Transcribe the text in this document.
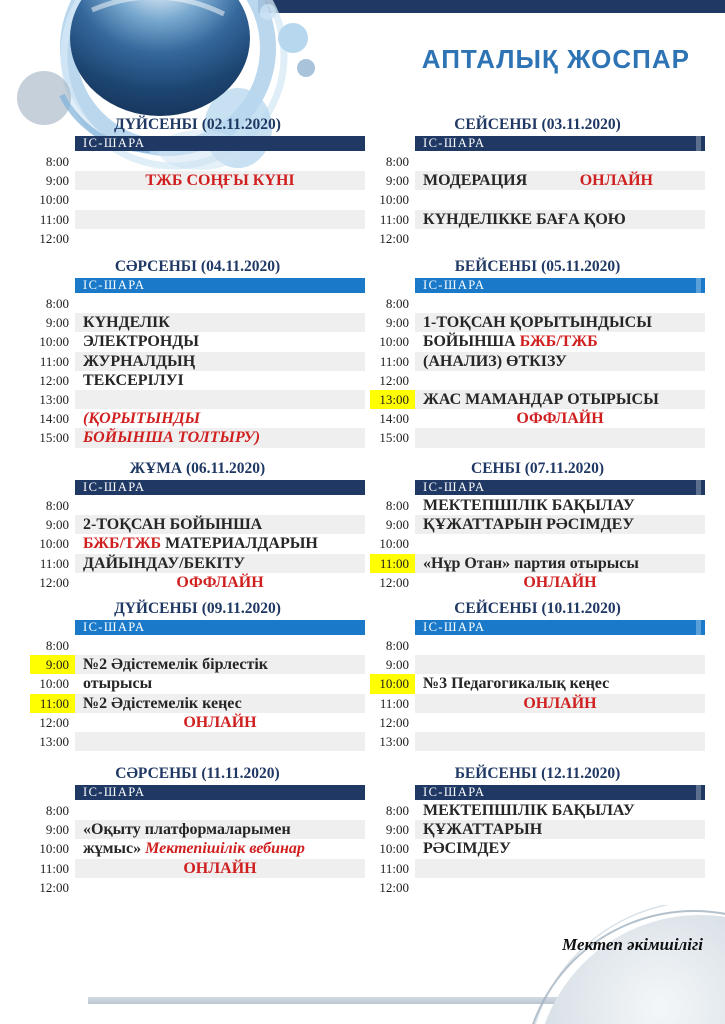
АПТАЛЫҚ ЖОСПАР
ДҮЙСЕНБІ (02.11.2020)
ІС-ШАРА
8:00
9:00	ТЖБ СОҢҒЫ КҮНІ
10:00
11:00
12:00
СЕЙСЕНБІ (03.11.2020)
ІС-ШАРА
8:00
9:00 МОДЕРАЦИЯ	ОНЛАЙН
10:00
11:00 КҮНДЕЛІККЕ БАҒА ҚОЮ
12:00
СӘРСЕНБІ (04.11.2020)
ІС-ШАРА
8:00
9:00 КҮНДЕЛІК
10:00 ЭЛЕКТРОНДЫ
11:00 ЖУРНАЛДЫҢ
12:00 ТЕКСЕРІЛУІ
13:00
14:00 (ҚОРЫТЫНДЫ
15:00 БОЙЫНША ТОЛТЫРУ)
БЕЙСЕНБІ (05.11.2020)
ІС-ШАРА
8:00
9:00 1-ТОҚСАН ҚОРЫТЫНДЫСЫ
10:00 БОЙЫНША БЖБ/ТЖБ
11:00 (АНАЛИЗ) ӨТКІЗУ
12:00
13:00 ЖАС МАМАНДАР ОТЫРЫСЫ
14:00	ОФФЛАЙН
15:00
ЖҰМА (06.11.2020)
ІС-ШАРА
8:00
9:00 2-ТОҚСАН БОЙЫНША
10:00 БЖБ/ТЖБ МАТЕРИАЛДАРЫН
11:00 ДАЙЫНДАУ/БЕКІТУ
12:00	ОФФЛАЙН
СЕНБІ (07.11.2020)
ІС-ШАРА
8:00 МЕКТЕПШІЛІК БАҚЫЛАУ
9:00 ҚҰЖАТТАРЫН РӘСІМДЕУ
10:00
11:00 «Нұр Отан» партия отырысы
12:00	ОНЛАЙН
ДҮЙСЕНБІ (09.11.2020)
ІС-ШАРА
8:00
9:00 №2 Әдістемелік бірлестік
10:00 отырысы
11:00 №2 Әдістемелік кеңес
12:00	ОНЛАЙН
13:00
СЕЙСЕНБІ (10.11.2020)
ІС-ШАРА
8:00
9:00
10:00 №3 Педагогикалық кеңес
11:00	ОНЛАЙН
12:00
13:00
СӘРСЕНБІ (11.11.2020)
ІС-ШАРА
8:00
9:00 «Оқыту платформаларымен
10:00 жұмыс» Мектепішілік вебинар
11:00	ОНЛАЙН
12:00
БЕЙСЕНБІ (12.11.2020)
ІС-ШАРА
8:00 МЕКТЕПШІЛІК БАҚЫЛАУ
9:00 ҚҰЖАТТАРЫН
10:00 РӘСІМДЕУ
11:00
12:00
Мектеп әкімшілігі
